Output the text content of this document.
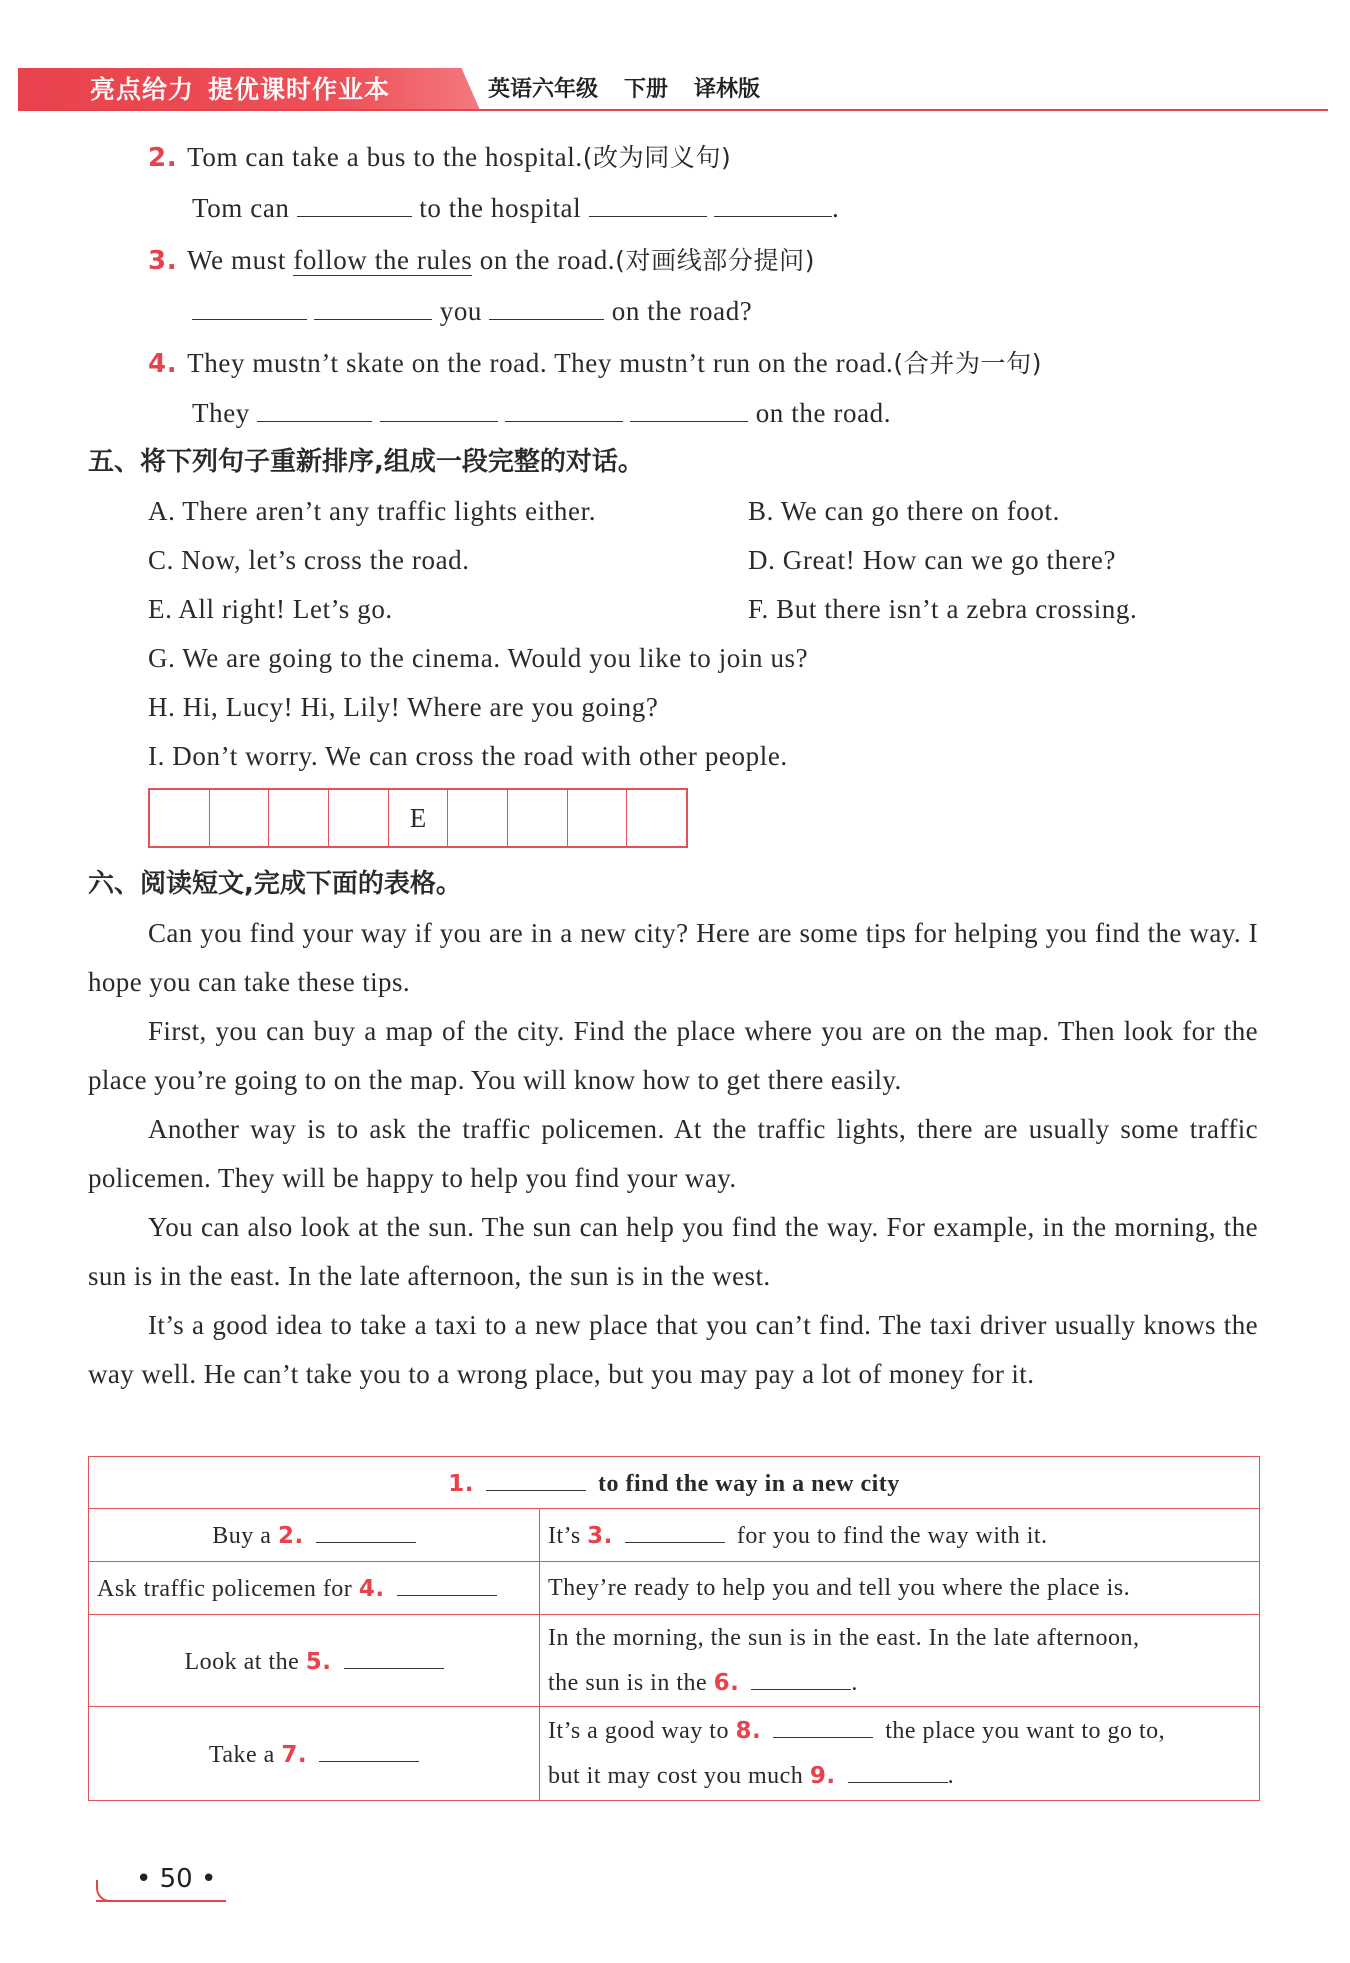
亮点给力 提优课时作业本	英语六年级 下册 译林版
2. Tom can take a bus to the hospital.(改为同义句)
Tom can	to the hospital	.
3. We must follow the rules on the road.(对画线部分提问)
you	on the road?
4. They mustn’t skate on the road. They mustn’t run on the road.(合并为一句)
They	on the road.
五、将下列句子重新排序,组成一段完整的对话。
A. There aren’t any traffic lights either.	B. We can go there on foot.
C. Now, let’s cross the road.	D. Great! How can we go there?
E. All right! Let’s go.	F. But there isn’t a zebra crossing.
G. We are going to the cinema. Would you like to join us?
H. Hi, Lucy! Hi, Lily! Where are you going?
I. Don’t worry. We can cross the road with other people.
E
六、阅读短文,完成下面的表格。
Can you find your way if you are in a new city? Here are some tips for helping you find the way. I hope you can take these tips.
First, you can buy a map of the city. Find the place where you are on the map. Then look for the place you’re going to on the map. You will know how to get there easily.
Another way is to ask the traffic policemen. At the traffic lights, there are usually some traffic policemen. They will be happy to help you find your way.
You can also look at the sun. The sun can help you find the way. For example, in the morning, the sun is in the east. In the late afternoon, the sun is in the west.
It’s a good idea to take a taxi to a new place that you can’t find. The taxi driver usually knows the way well. He can’t take you to a wrong place, but you may pay a lot of money for it.
1. to find the way in a new city	
Buy a 2.	It’s 3. for you to find the way with it.
Ask traffic policemen for 4.	They’re ready to help you and tell you where the place is.
Look at the 5.	In the morning, the sun is in the east. In the late afternoon,
the sun is in the 6. .
Take a 7.	It’s a good way to 8. the place you want to go to,
but it may cost you much 9. .
• 50 •
